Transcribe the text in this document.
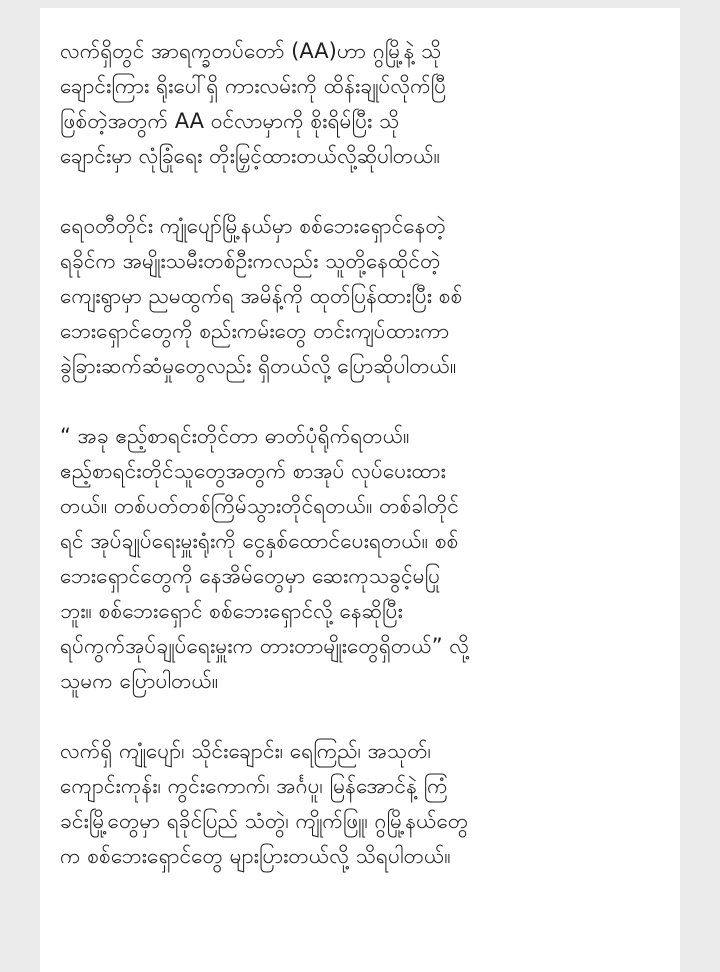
လက်ရှိတွင် အာရက္ခတပ်တော် (AA)ဟာ ဂွမြို့နဲ့ သို
ချောင်းကြား ရိုးပေါ်ရှိ ကားလမ်းကို ထိန်းချုပ်လိုက်ပြီ
ဖြစ်တဲ့အတွက် AA ဝင်လာမှာကို စိုးရိမ်ပြီး သို
ချောင်းမှာ လုံခြုံရေး တိုးမြှင့်ထားတယ်လို့ဆိုပါတယ်။

ရေဝတီတိုင်း ကျုံပျော်မြို့နယ်မှာ စစ်ဘေးရှောင်နေတဲ့
ရခိုင်က အမျိုးသမီးတစ်ဦးကလည်း သူတို့နေထိုင်တဲ့
ကျေးရွာမှာ ညမထွက်ရ အမိန့်ကို ထုတ်ပြန်ထားပြီး စစ်
ဘေးရှောင်တွေကို စည်းကမ်းတွေ တင်းကျပ်ထားကာ
ခွဲခြားဆက်ဆံမှုတွေလည်း ရှိတယ်လို့ ပြောဆိုပါတယ်။

“ အခု ဧည့်စာရင်းတိုင်တာ ဓာတ်ပုံရိုက်ရတယ်။
ဧည့်စာရင်းတိုင်သူတွေအတွက် စာအုပ် လုပ်ပေးထား
တယ်။ တစ်ပတ်တစ်ကြိမ်သွားတိုင်ရတယ်။ တစ်ခါတိုင်
ရင် အုပ်ချုပ်ရေးမှူးရုံးကို ငွေနှစ်ထောင်ပေးရတယ်။ စစ်
ဘေးရှောင်တွေကို နေအိမ်တွေမှာ ဆေးကုသခွင့်မပြု
ဘူး။ စစ်ဘေးရှောင် စစ်ဘေးရှောင်လို့ နေဆိုပြီး
ရပ်ကွက်အုပ်ချုပ်ရေးမှူးက တားတာမျိုးတွေရှိတယ်” လို့
သူမက ပြောပါတယ်။

လက်ရှိ ကျုံပျော်၊ သိုင်းချောင်း၊ ရေကြည်၊ အသုတ်၊
ကျောင်းကုန်း၊ ကွင်းကောက်၊ အင်္ဂပူ၊ မြန်အောင်နဲ့ ကြံ
ခင်းမြို့တွေမှာ ရခိုင်ပြည် သံတွဲ၊ ကျိုက်ဖြူ၊ ဂွမြို့နယ်တွေ
က စစ်ဘေးရှောင်တွေ များပြားတယ်လို့ သိရပါတယ်။
